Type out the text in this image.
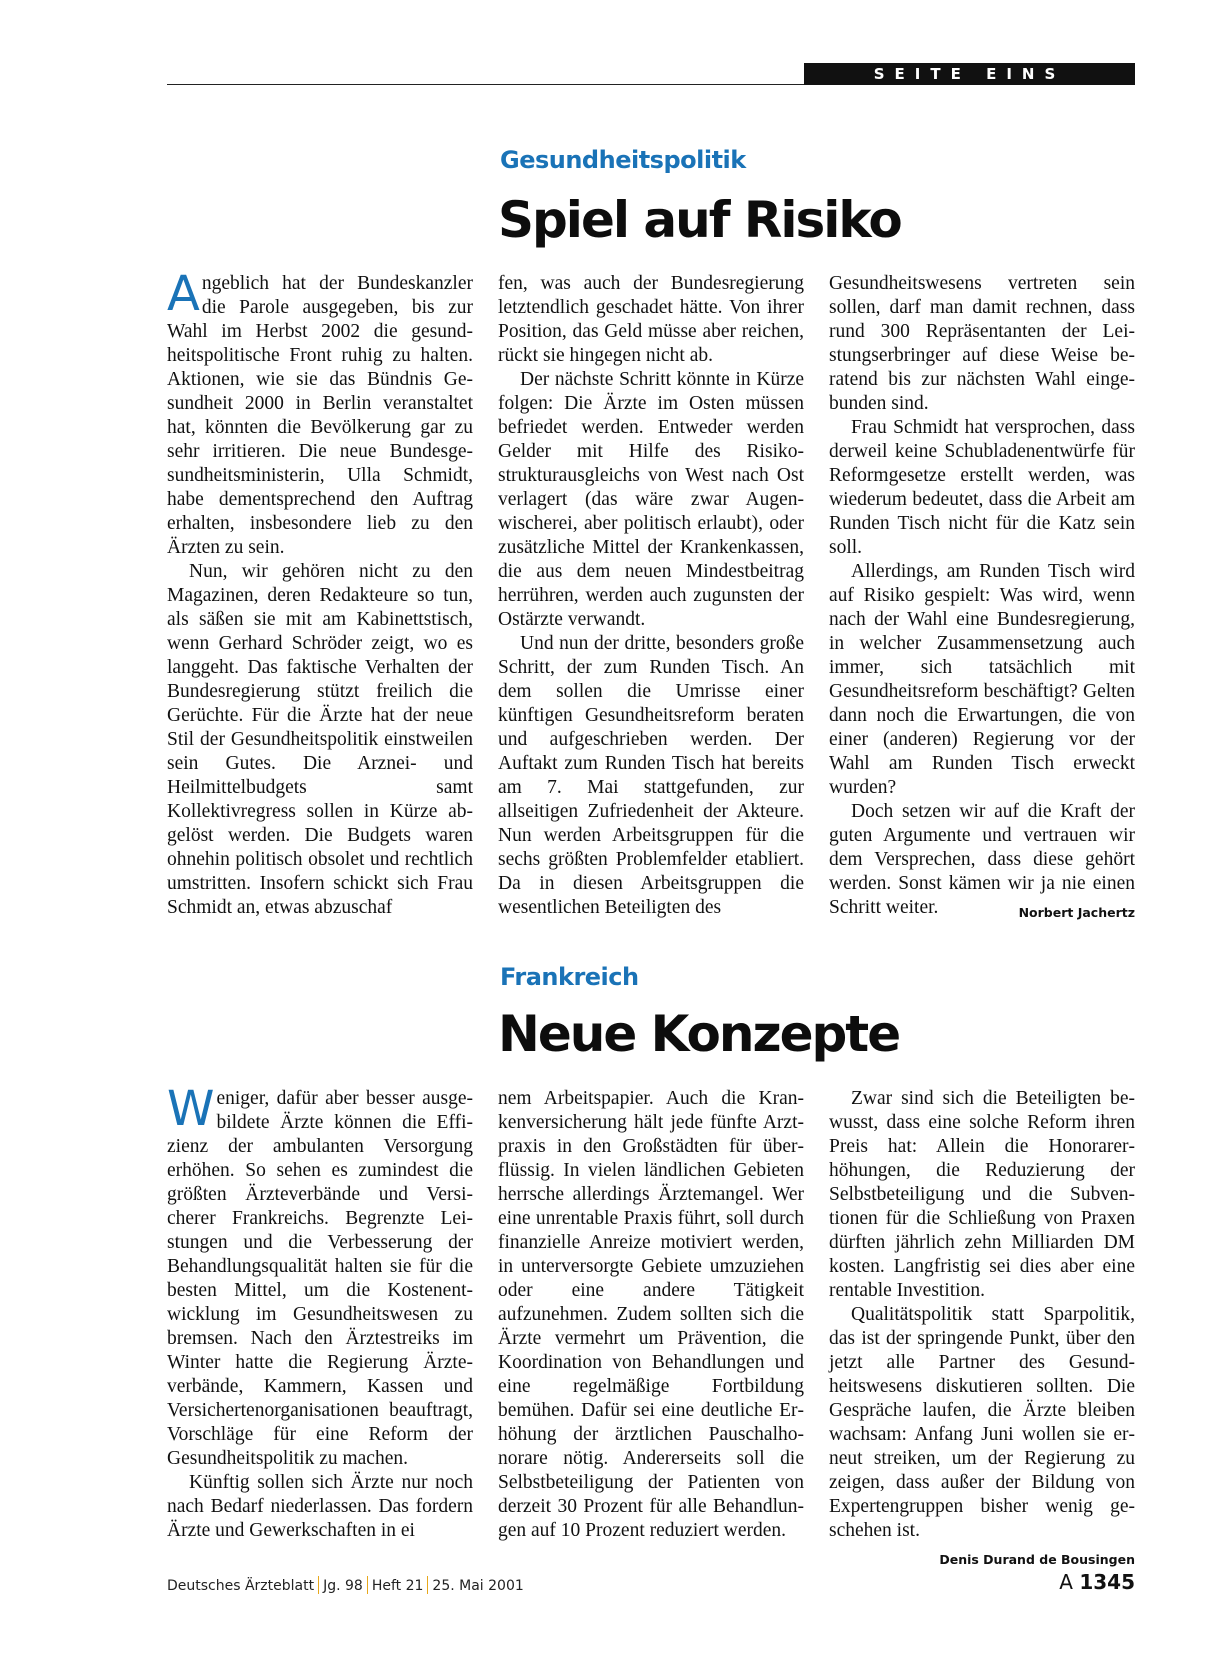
SEITE EINS
Gesundheitspolitik
Spiel auf Risiko

Angeblich hat der Bundeskanzler die Parole ausgegeben, bis zur Wahl im Herbst 2002 die gesundheitspolitische Front ruhig zu halten. Aktionen, wie sie das Bündnis Gesundheit 2000 in Berlin veranstaltet hat, könnten die Bevölkerung gar zu sehr irritieren. Die neue Bundesgesundheitsministerin, Ulla Schmidt, habe dementsprechend den Auftrag erhalten, insbesondere lieb zu den Ärzten zu sein.

Nun, wir gehören nicht zu den Magazinen, deren Redakteure so tun, als säßen sie mit am Kabinettstisch, wenn Gerhard Schröder zeigt, wo es langgeht. Das faktische Verhalten der Bundesregierung stützt freilich die Gerüchte. Für die Ärzte hat der neue Stil der Gesundheitspolitik einstweilen sein Gutes. Die Arznei- und Heilmittelbudgets samt Kollektivregress sollen in Kürze abgelöst werden. Die Budgets waren ohnehin politisch obsolet und rechtlich umstritten. Insofern schickt sich Frau Schmidt an, etwas abzuschaf

fen, was auch der Bundesregierung letztendlich geschadet hätte. Von ihrer Position, das Geld müsse aber reichen, rückt sie hingegen nicht ab.

Der nächste Schritt könnte in Kürze folgen: Die Ärzte im Osten müssen befriedet werden. Entweder werden Gelder mit Hilfe des Risikostrukturausgleichs von West nach Ost verlagert (das wäre zwar Augenwischerei, aber politisch erlaubt), oder zusätzliche Mittel der Krankenkassen, die aus dem neuen Mindestbeitrag herrühren, werden auch zugunsten der Ostärzte verwandt.

Und nun der dritte, besonders große Schritt, der zum Runden Tisch. An dem sollen die Umrisse einer künftigen Gesundheitsreform beraten und aufgeschrieben werden. Der Auftakt zum Runden Tisch hat bereits am 7. Mai stattgefunden, zur allseitigen Zufriedenheit der Akteure. Nun werden Arbeitsgruppen für die sechs größten Problemfelder etabliert. Da in diesen Arbeitsgruppen die wesentlichen Beteiligten des

Gesundheitswesens vertreten sein sollen, darf man damit rechnen, dass rund 300 Repräsentanten der Leistungserbringer auf diese Weise beratend bis zur nächsten Wahl eingebunden sind.

Frau Schmidt hat versprochen, dass derweil keine Schubladenentwürfe für Reformgesetze erstellt werden, was wiederum bedeutet, dass die Arbeit am Runden Tisch nicht für die Katz sein soll.

Allerdings, am Runden Tisch wird auf Risiko gespielt: Was wird, wenn nach der Wahl eine Bundesregierung, in welcher Zusammensetzung auch immer, sich tatsächlich mit Gesundheitsreform beschäftigt? Gelten dann noch die Erwartungen, die von einer (anderen) Regierung vor der Wahl am Runden Tisch erweckt wurden?

Doch setzen wir auf die Kraft der guten Argumente und vertrauen wir dem Versprechen, dass diese gehört werden. Sonst kämen wir ja nie einen Schritt weiter.	Norbert Jachertz

Frankreich
Neue Konzepte

Weniger, dafür aber besser ausgebildete Ärzte können die Effizienz der ambulanten Versorgung erhöhen. So sehen es zumindest die größten Ärzteverbände und Versicherer Frankreichs. Begrenzte Leistungen und die Verbesserung der Behandlungsqualität halten sie für die besten Mittel, um die Kostenentwicklung im Gesundheitswesen zu bremsen. Nach den Ärztestreiks im Winter hatte die Regierung Ärzteverbände, Kammern, Kassen und Versichertenorganisationen beauftragt, Vorschläge für eine Reform der Gesundheitspolitik zu machen.

Künftig sollen sich Ärzte nur noch nach Bedarf niederlassen. Das fordern Ärzte und Gewerkschaften in ei

nem Arbeitspapier. Auch die Krankenversicherung hält jede fünfte Arztpraxis in den Großstädten für überflüssig. In vielen ländlichen Gebieten herrsche allerdings Ärztemangel. Wer eine unrentable Praxis führt, soll durch finanzielle Anreize motiviert werden, in unterversorgte Gebiete umzuziehen oder eine andere Tätigkeit aufzunehmen. Zudem sollten sich die Ärzte vermehrt um Prävention, die Koordination von Behandlungen und eine regelmäßige Fortbildung bemühen. Dafür sei eine deutliche Erhöhung der ärztlichen Pauschalhonorare nötig. Andererseits soll die Selbstbeteiligung der Patienten von derzeit 30 Prozent für alle Behandlungen auf 10 Prozent reduziert werden.

Zwar sind sich die Beteiligten bewusst, dass eine solche Reform ihren Preis hat: Allein die Honorarerhöhungen, die Reduzierung der Selbstbeteiligung und die Subventionen für die Schließung von Praxen dürften jährlich zehn Milliarden DM kosten. Langfristig sei dies aber eine rentable Investition.

Qualitätspolitik statt Sparpolitik, das ist der springende Punkt, über den jetzt alle Partner des Gesundheitswesens diskutieren sollten. Die Gespräche laufen, die Ärzte bleiben wachsam: Anfang Juni wollen sie erneut streiken, um der Regierung zu zeigen, dass außer der Bildung von Expertengruppen bisher wenig geschehen ist.
Denis Durand de Bousingen

Deutsches Ärzteblatt Jg. 98 Heft 21 25. Mai 2001	A 1345
